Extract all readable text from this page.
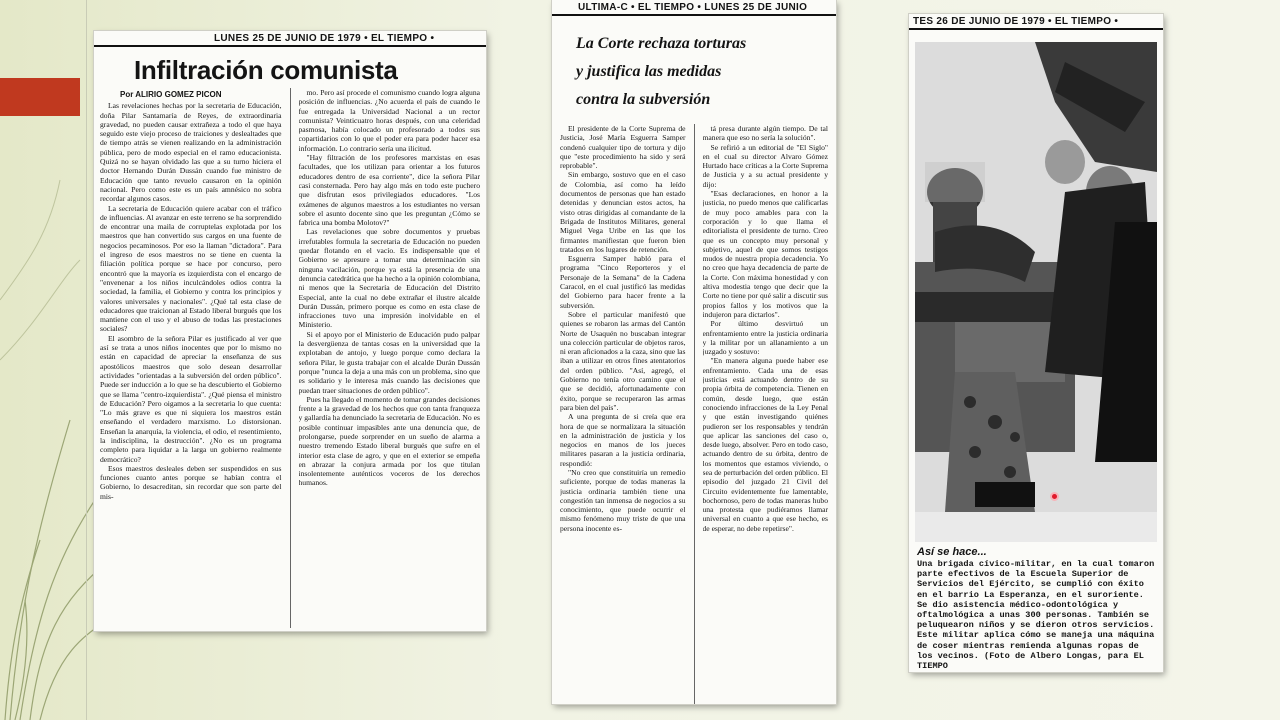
LUNES 25 DE JUNIO DE 1979 • EL TIEMPO •
Infiltración comunista
Por ALIRIO GOMEZ PICON

Las revelaciones hechas por la secretaria de Educación, doña Pilar Santamaría de Reyes, de extraordinaria gravedad, no pueden causar extrañeza a todo el que haya seguido este viejo proceso de traiciones y deslealtades que de tiempo atrás se vienen realizando en la administración pública, pero de modo especial en el ramo educacionista. Quizá no se hayan olvidado las que a su turno hiciera el doctor Hernando Durán Dussán cuando fue ministro de Educación que tanto revuelo causaron en la opinión nacional. Pero como este es un país amnésico no sobra recordar algunos casos.

La secretaria de Educación quiere acabar con el tráfico de influencias. Al avanzar en este terreno se ha sorprendido de encontrar una maila de corruptelas explotada por los maestros que han convertido sus cargos en una fuente de negocios pecaminosos. Por eso la llaman "dictadora". Para el ingreso de esos maestros no se tiene en cuenta la filiación política porque se hace por concurso, pero encontró que la mayoría es izquierdista con el encargo de "envenenar a los niños inculcándoles odios contra la sociedad, la familia, el Gobierno y contra los principios y valores universales y nacionales". ¿Qué tal esta clase de educadores que traicionan al Estado liberal burgués que los mantiene con el uso y el abuso de todas las prestaciones sociales?

El asombro de la señora Pilar es justificado al ver que así se trata a unos niños inocentes que por lo mismo no están en capacidad de apreciar la enseñanza de sus apostólicos maestros que solo desean desarrollar actividades "orientadas a la subversión del orden público". Puede ser inducción a lo que se ha descubierto el Gobierno que se llama "centro-izquierdista". ¿Qué piensa el ministro de Educación? Pero oigamos a la secretaria lo que cuenta: "Lo más grave es que ni siquiera los maestros están enseñando el verdadero marxismo. Lo distorsionan. Enseñan la anarquía, la violencia, el odio, el resentimiento, la indisciplina, la destrucción". ¿No es un programa completo para liquidar a la larga un gobierno realmente democrático?

Esos maestros desleales deben ser suspendidos en sus funciones cuanto antes porque se habían contra el Gobierno, lo desacreditan, sin recordar que son parte del mis-

mo. Pero así procede el comunismo cuando logra alguna posición de influencias. ¿No acuerda el país de cuando le fue entregada la Universidad Nacional a un rector comunista? Veinticuatro horas después, con una celeridad pasmosa, había colocado un profesorado a todos sus copartidarios con lo que el poder era para poder hacer esa información. Lo contrario sería una ilicitud.

"Hay filtración de los profesores marxistas en esas facultades, que los utilizan para orientar a los futuros educadores dentro de esa corriente", dice la señora Pilar casi consternada. Pero hay algo más en todo este puchero que disfrutan esos privilegiados educadores. "Los exámenes de algunos maestros a los estudiantes no versan sobre el asunto docente sino que les preguntan ¿Cómo se fabrica una bomba Molotov?"

Las revelaciones que sobre documentos y pruebas irrefutables formula la secretaria de Educación no pueden quedar flotando en el vacío. Es indispensable que el Gobierno se apresure a tomar una determinación sin ninguna vacilación, porque ya está la presencia de una denuncia catedrática que ha hecho a la opinión colombiana, ni menos que la Secretaría de Educación del Distrito Especial, ante la cual no debe extrañar el ilustre alcalde Durán Dussán, primero porque es como en esta clase de infracciones tuvo una impresión inolvidable en el Ministerio.

Si el apoyo por el Ministerio de Educación pudo palpar la desvergüenza de tantas cosas en la universidad que la explotaban de antojo, y luego porque como declara la señora Pilar, le gusta trabajar con el alcalde Durán Dussán porque "nunca la deja a una más con un problema, sino que es solidario y le interesa más cuando las decisiones que puedan traer situaciones de orden público".

Pues ha llegado el momento de tomar grandes decisiones frente a la gravedad de los hechos que con tanta franqueza y gallardía ha denunciado la secretaria de Educación. No es posible continuar impasibles ante una denuncia que, de prolongarse, puede sorprender en un sueño de alarma a nuestro tremendo Estado liberal burgués que sufre en el interior esta clase de agro, y que en el exterior se empeña en abrazar la conjura armada por los que titulan insolentemente auténticos voceros de los derechos humanos.

ULTIMA-C • EL TIEMPO • LUNES 25 DE JUNIO
La Corte rechaza torturas
y justifica las medidas
contra la subversión

El presidente de la Corte Suprema de Justicia, José María Esguerra Samper condenó cualquier tipo de tortura y dijo que "este procedimiento ha sido y será reprobable".

Sin embargo, sostuvo que en el caso de Colombia, así como ha leído documentos de personas que han estado detenidas y denuncian estos actos, ha visto otras dirigidas al comandante de la Brigada de Institutos Militares, general Miguel Vega Uribe en las que los firmantes manifiestan que fueron bien tratados en los lugares de retención.

Esguerra Samper habló para el programa "Cinco Reporteros y el Personaje de la Semana" de la Cadena Caracol, en el cual justificó las medidas del Gobierno para hacer frente a la subversión.

Sobre el particular manifestó que quienes se robaron las armas del Cantón Norte de Usaquén no buscaban integrar una colección particular de objetos raros, ni eran aficionados a la caza, sino que las iban a utilizar en otros fines atentatorios del orden público. "Así, agregó, el Gobierno no tenía otro camino que el que se decidió, afortunadamente con éxito, porque se recuperaron las armas para bien del país".

A una pregunta de si creía que era hora de que se normalizara la situación en la administración de justicia y los negocios en manos de los jueces militares pasaran a la justicia ordinaria, respondió:

"No creo que constituiría un remedio suficiente, porque de todas maneras la justicia ordinaria también tiene una congestión tan inmensa de negocios a su conocimiento, que puede ocurrir el mismo fenómeno muy triste de que una persona inocente es-

tá presa durante algún tiempo. De tal manera que eso no sería la solución".

Se refirió a un editorial de "El Siglo" en el cual su director Alvaro Gómez Hurtado hace críticas a la Corte Suprema de Justicia y a su actual presidente y dijo:

"Esas declaraciones, en honor a la justicia, no puedo menos que calificarlas de muy poco amables para con la corporación y lo que llama el editorialista el presidente de turno. Creo que es un concepto muy personal y subjetivo, aquel de que somos testigos mudos de nuestra propia decadencia. Yo no creo que haya decadencia de parte de la Corte. Con máxima honestidad y con altiva modestia tengo que decir que la Corte no tiene por qué salir a discutir sus propios fallos y los motivos que la indujeron para dictarlos".

Por último desvirtuó un enfrentamiento entre la justicia ordinaria y la militar por un allanamiento a un juzgado y sostuvo:

"En manera alguna puede haber ese enfrentamiento. Cada una de esas justicias está actuando dentro de su propia órbita de competencia. Tienen en común, desde luego, que están conociendo infracciones de la Ley Penal y que están investigando quiénes pudieron ser los responsables y tendrán que aplicar las sanciones del caso o, desde luego, absolver. Pero en todo caso, actuando dentro de su órbita, dentro de los momentos que estamos viviendo, o sea de perturbación del orden público. El episodio del juzgado 21 Civil del Circuito evidentemente fue lamentable, bochornoso, pero de todas maneras hubo una protesta que pudiéramos llamar universal en cuanto a que ese hecho, es de esperar, no debe repetirse".

TES 26 DE JUNIO DE 1979 • EL TIEMPO •
Así se hace...
Una brigada cívico-militar, en la cual tomaron parte efectivos de la Escuela Superior de Servicios del Ejército, se cumplió con éxito en el barrio La Esperanza, en el suroriente. Se dio asistencia médico-odontológica y oftalmológica a unas 300 personas. También se peluquearon niños y se dieron otros servicios. Este militar aplica cómo se maneja una máquina de coser mientras remienda algunas ropas de los vecinos. (Foto de Albero Longas, para EL TIEMPO
